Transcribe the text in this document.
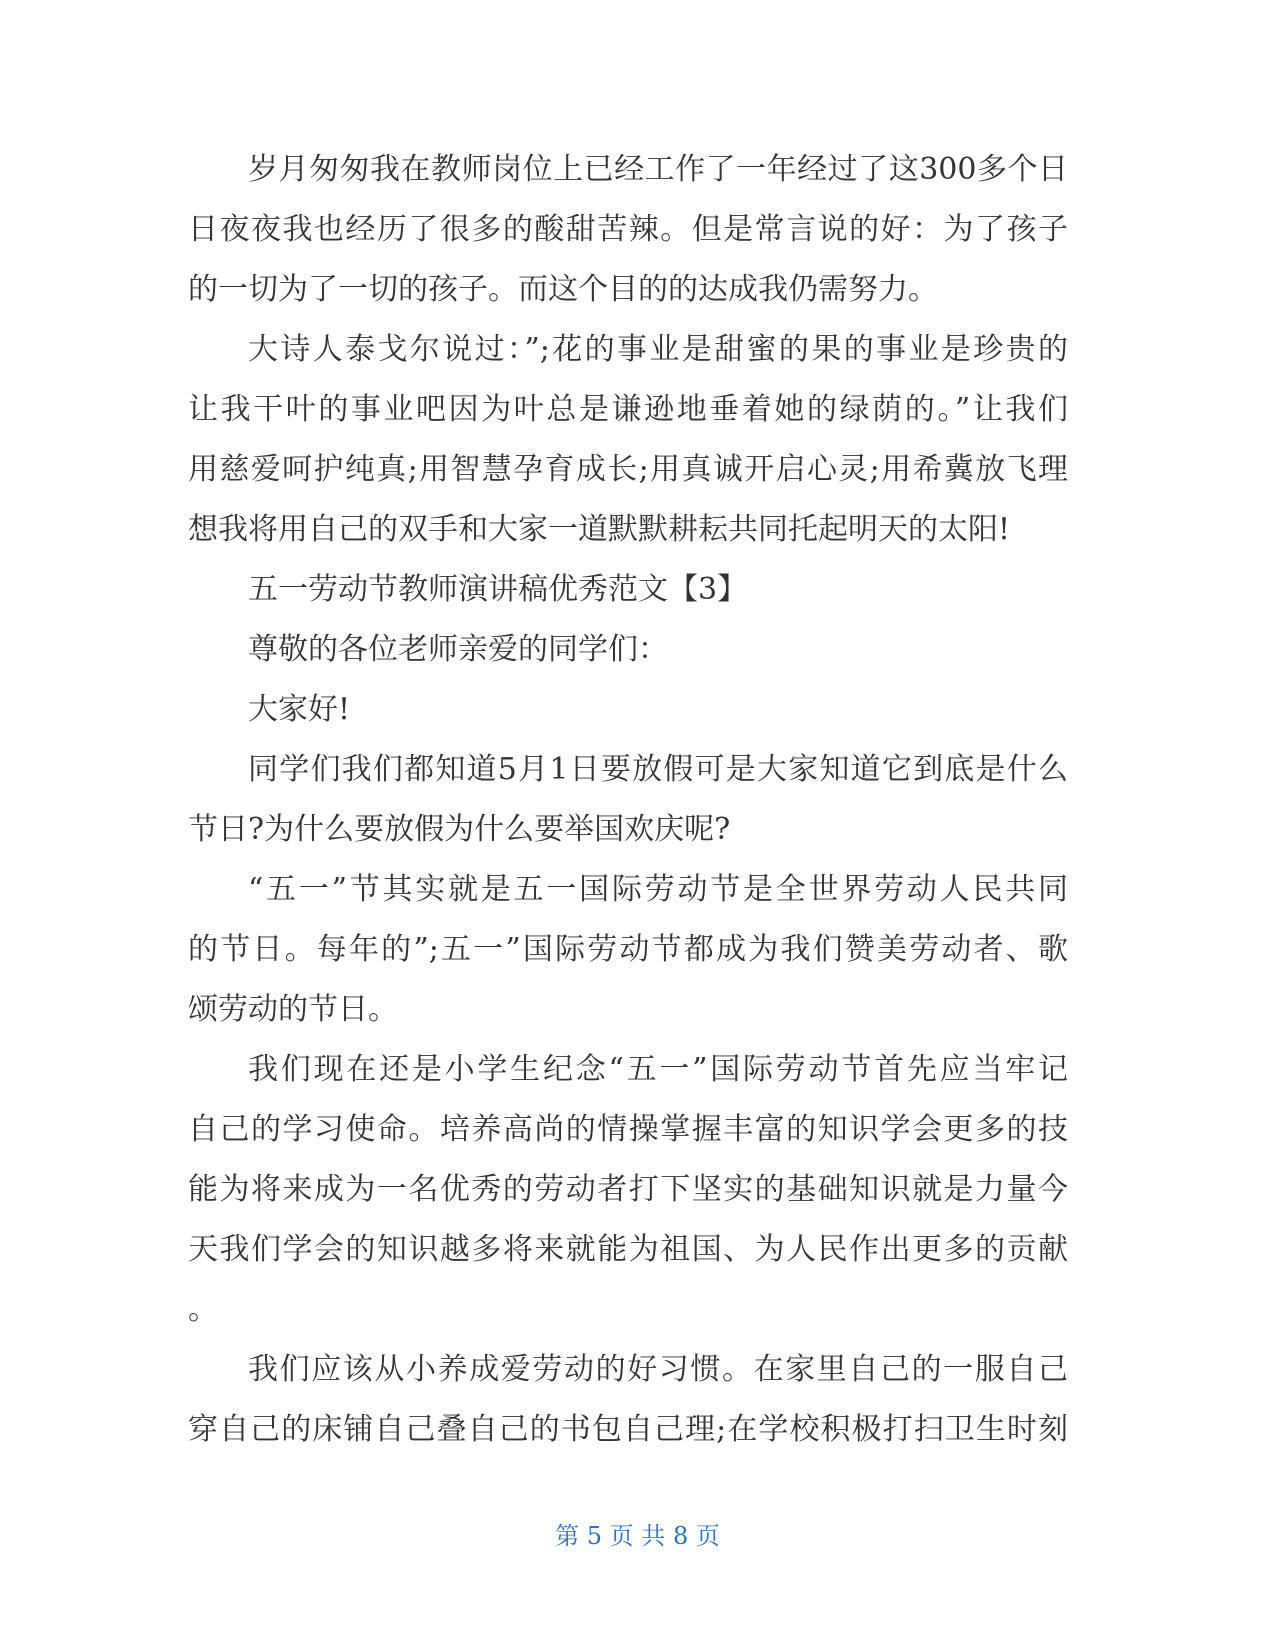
岁月匆匆我在教师岗位上已经工作了一年经过了这300多个日
日夜夜我也经历了很多的酸甜苦辣。但是常言说的好：为了孩子
的一切为了一切的孩子。而这个目的的达成我仍需努力。
大诗人泰戈尔说过：”;花的事业是甜蜜的果的事业是珍贵的
让我干叶的事业吧因为叶总是谦逊地垂着她的绿荫的。”让我们
用慈爱呵护纯真;用智慧孕育成长;用真诚开启心灵;用希冀放飞理
想我将用自己的双手和大家一道默默耕耘共同托起明天的太阳!
五一劳动节教师演讲稿优秀范文【3】
尊敬的各位老师亲爱的同学们：
大家好!
同学们我们都知道5月1日要放假可是大家知道它到底是什么
节日?为什么要放假为什么要举国欢庆呢?
“五一”节其实就是五一国际劳动节是全世界劳动人民共同
的节日。每年的”;五一”国际劳动节都成为我们赞美劳动者、歌
颂劳动的节日。
我们现在还是小学生纪念“五一”国际劳动节首先应当牢记
自己的学习使命。培养高尚的情操掌握丰富的知识学会更多的技
能为将来成为一名优秀的劳动者打下坚实的基础知识就是力量今
天我们学会的知识越多将来就能为祖国、为人民作出更多的贡献
。
我们应该从小养成爱劳动的好习惯。在家里自己的一服自己
穿自己的床铺自己叠自己的书包自己理;在学校积极打扫卫生时刻
第 5 页 共 8 页
